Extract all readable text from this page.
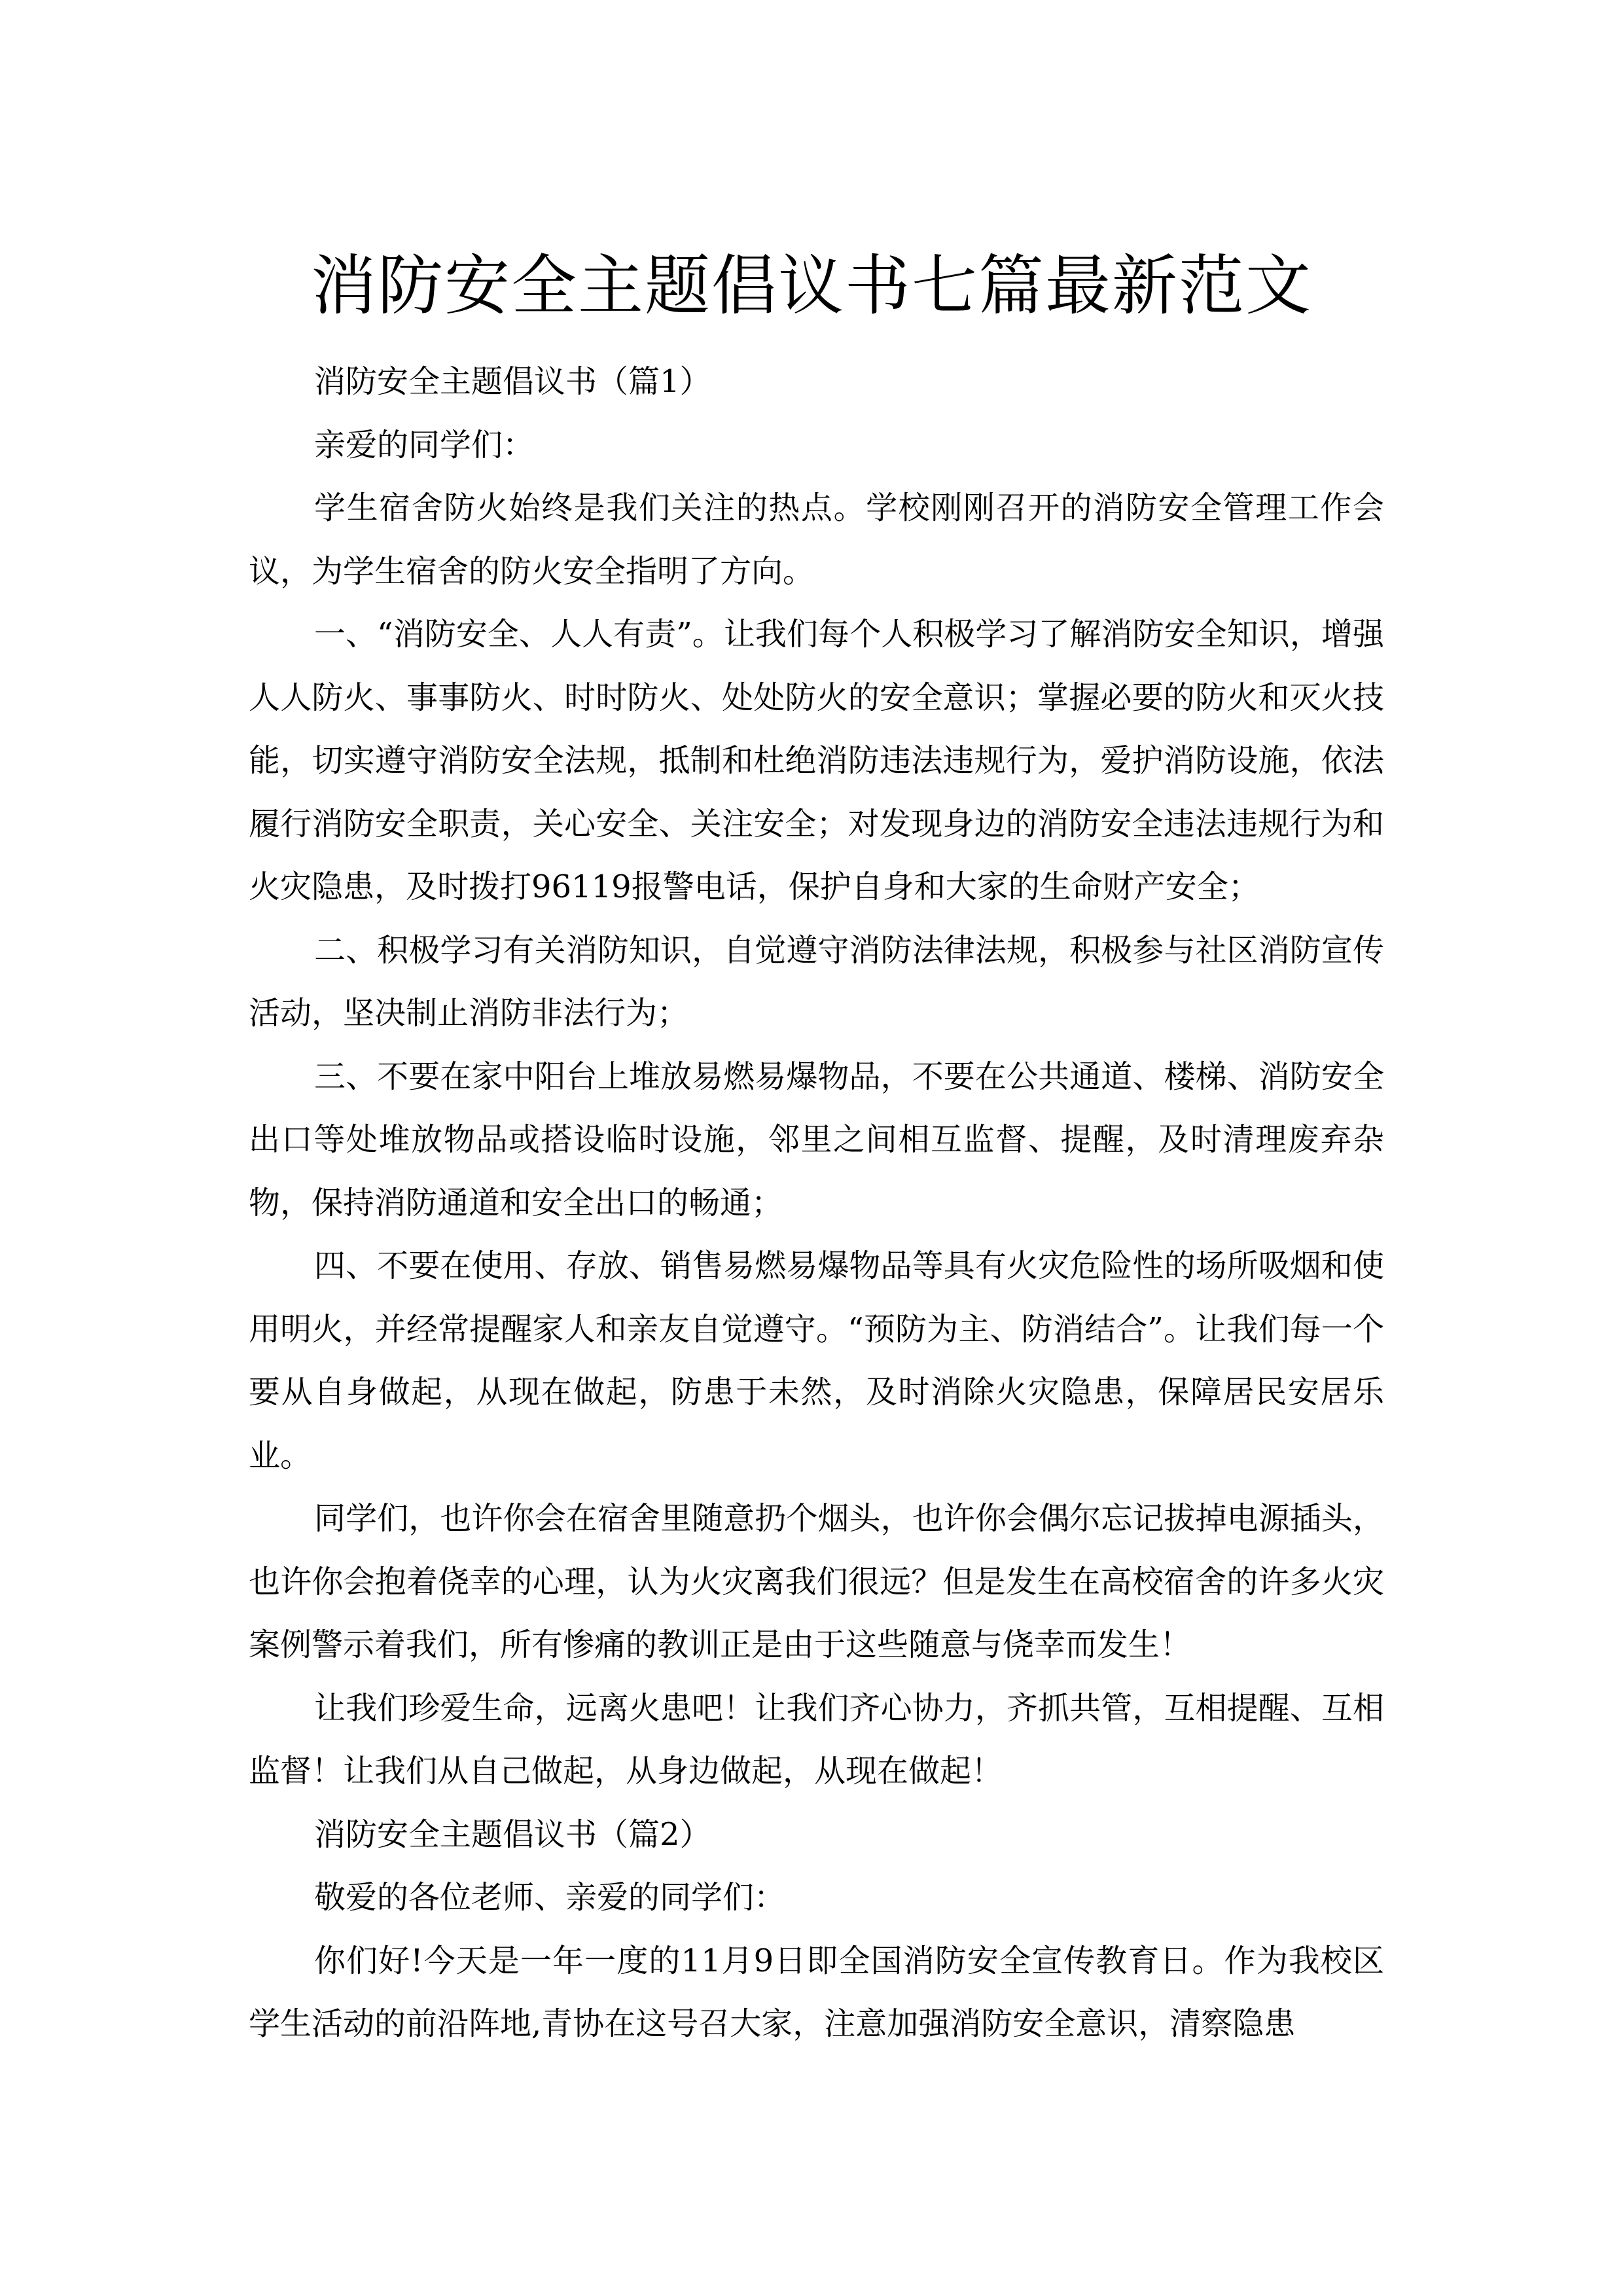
消防安全主题倡议书七篇最新范文

消防安全主题倡议书（篇1）

亲爱的同学们：

学生宿舍防火始终是我们关注的热点。学校刚刚召开的消防安全管理工作会议，为学生宿舍的防火安全指明了方向。

一、“消防安全、人人有责”。让我们每个人积极学习了解消防安全知识，增强人人防火、事事防火、时时防火、处处防火的安全意识；掌握必要的防火和灭火技能，切实遵守消防安全法规，抵制和杜绝消防违法违规行为，爱护消防设施，依法履行消防安全职责，关心安全、关注安全；对发现身边的消防安全违法违规行为和火灾隐患，及时拨打96119报警电话，保护自身和大家的生命财产安全；

二、积极学习有关消防知识，自觉遵守消防法律法规，积极参与社区消防宣传活动，坚决制止消防非法行为；

三、不要在家中阳台上堆放易燃易爆物品，不要在公共通道、楼梯、消防安全出口等处堆放物品或搭设临时设施，邻里之间相互监督、提醒，及时清理废弃杂物，保持消防通道和安全出口的畅通；

四、不要在使用、存放、销售易燃易爆物品等具有火灾危险性的场所吸烟和使用明火，并经常提醒家人和亲友自觉遵守。“预防为主、防消结合”。让我们每一个要从自身做起，从现在做起，防患于未然，及时消除火灾隐患，保障居民安居乐业。

同学们，也许你会在宿舍里随意扔个烟头，也许你会偶尔忘记拔掉电源插头，也许你会抱着侥幸的心理，认为火灾离我们很远？但是发生在高校宿舍的许多火灾案例警示着我们，所有惨痛的教训正是由于这些随意与侥幸而发生！

让我们珍爱生命，远离火患吧！让我们齐心协力，齐抓共管，互相提醒、互相监督！让我们从自己做起，从身边做起，从现在做起！

消防安全主题倡议书（篇2）

敬爱的各位老师、亲爱的同学们：

你们好!今天是一年一度的11月9日即全国消防安全宣传教育日。作为我校区学生活动的前沿阵地,青协在这号召大家，注意加强消防安全意识，清察隐患
